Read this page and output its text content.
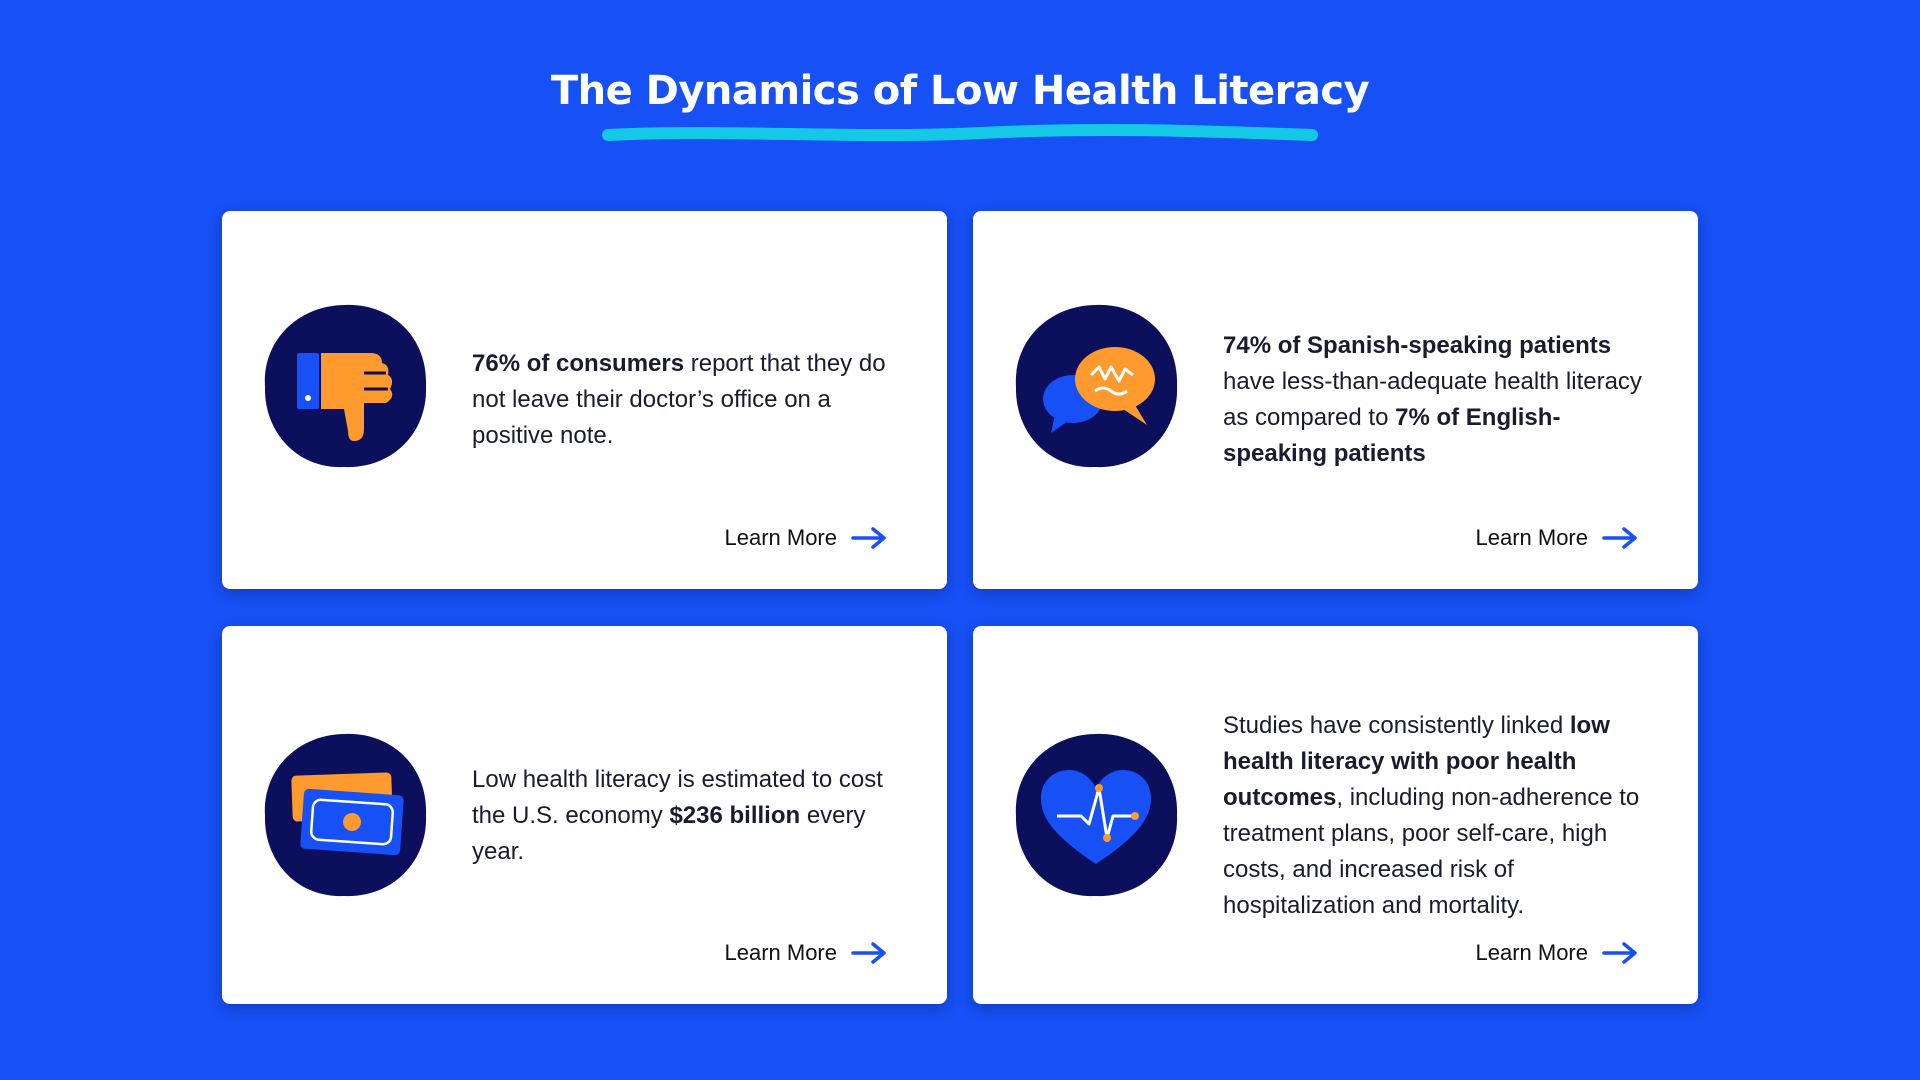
The Dynamics of Low Health Literacy
76% of consumers report that they do not leave their doctor’s office on a positive note.
Learn More
74% of Spanish-speaking patients have less-than-adequate health literacy as compared to 7% of English-speaking patients
Learn More
Low health literacy is estimated to cost the U.S. economy $236 billion every year.
Learn More
Studies have consistently linked low health literacy with poor health outcomes, including non-adherence to treatment plans, poor self-care, high costs, and increased risk of hospitalization and mortality.
Learn More
